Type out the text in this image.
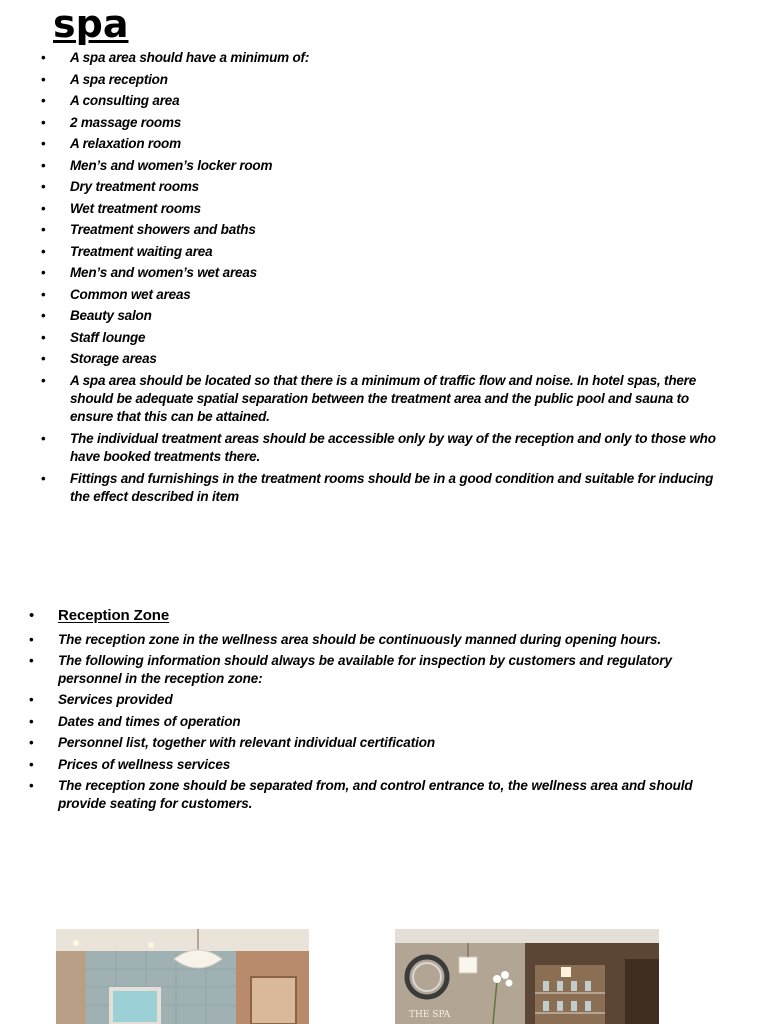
spa
• A spa area should have a minimum of:
• A spa reception
• A consulting area
• 2 massage rooms
• A relaxation room
• Men’s and women’s locker room
• Dry treatment rooms
• Wet treatment rooms
• Treatment showers and baths
• Treatment waiting area
• Men’s and women’s wet areas
• Common wet areas
• Beauty salon
• Staff lounge
• Storage areas
• A spa area should be located so that there is a minimum of traffic flow and noise. In hotel spas, there should be adequate spatial separation between the treatment area and the public pool and sauna to ensure that this can be attained.
• The individual treatment areas should be accessible only by way of the reception and only to those who have booked treatments there.
• Fittings and furnishings in the treatment rooms should be in a good condition and suitable for inducing the effect described in item
• Reception Zone
• The reception zone in the wellness area should be continuously manned during opening hours.
• The following information should always be available for inspection by customers and regulatory personnel in the reception zone:
• Services provided
• Dates and times of operation
• Personnel list, together with relevant individual certification
• Prices of wellness services
• The reception zone should be separated from, and control entrance to, the wellness area and should provide seating for customers.
THE SPA
